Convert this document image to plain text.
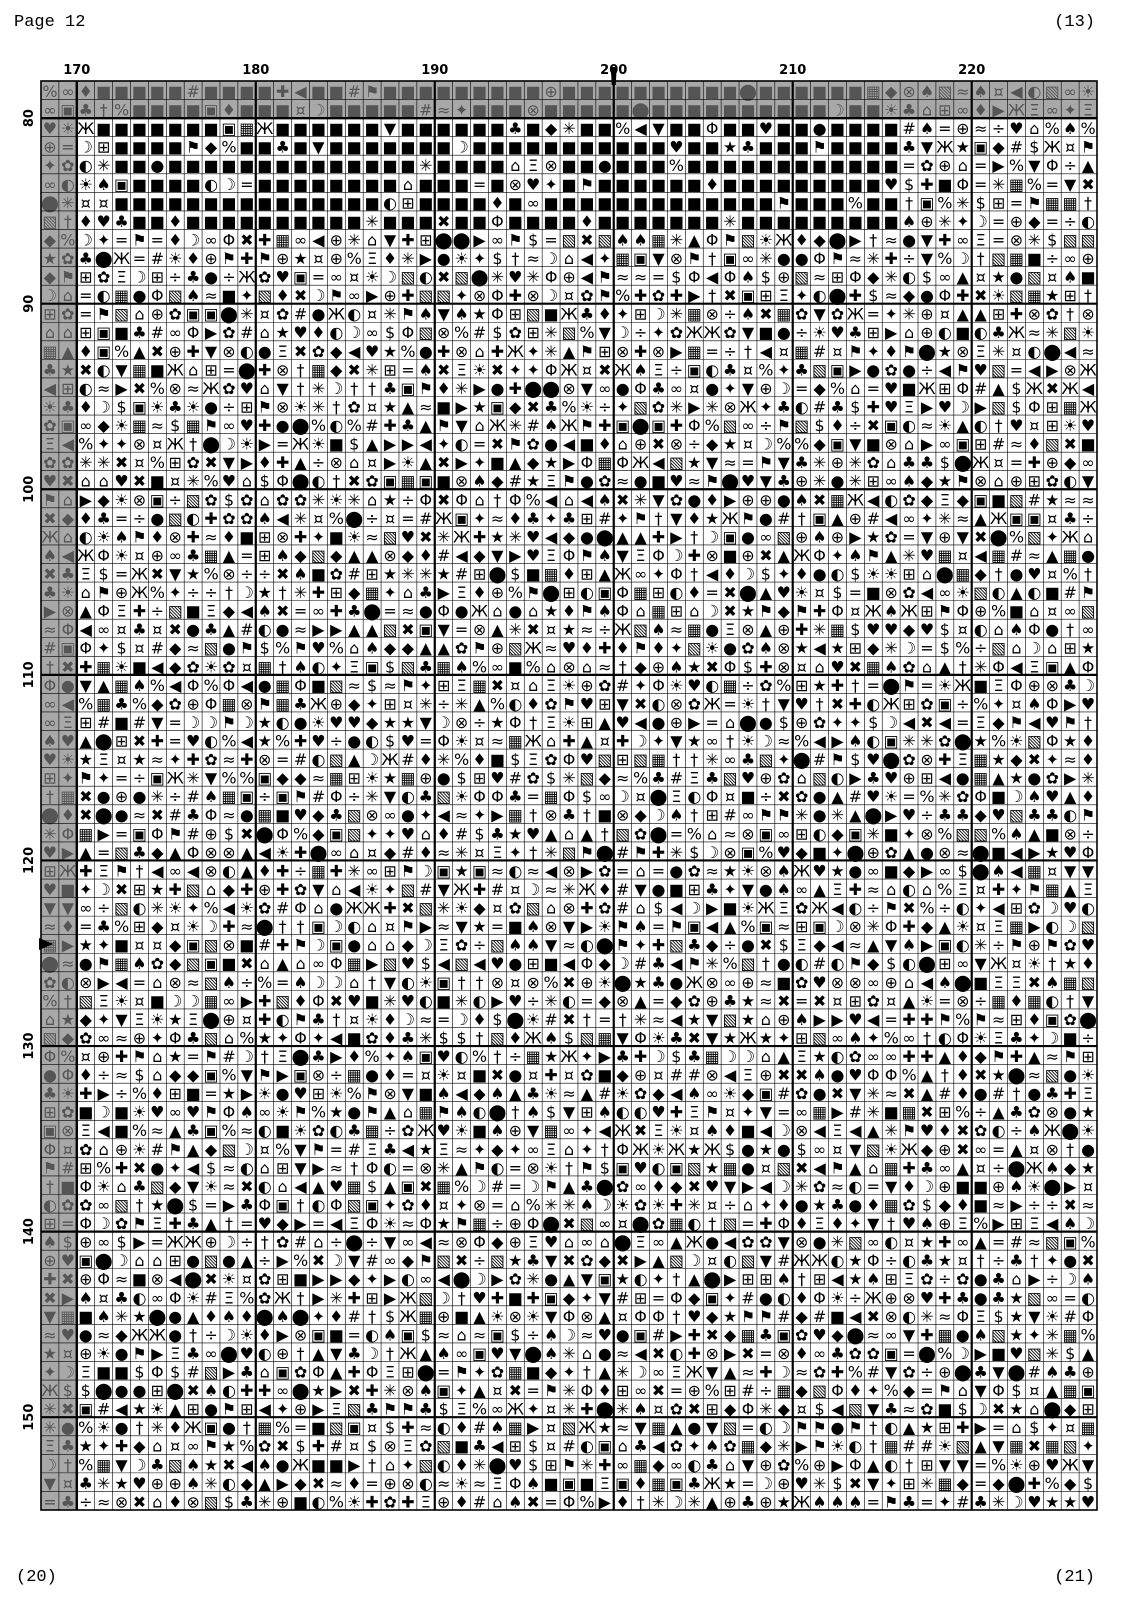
Page 12	(13)
(20)	(21)
% ∞ ♦ ■ ■ ■ ■ ■ # ■ ■ ■ ■ ✚ ◀ ■ ■ # ⚑ ■ ■ ■ ■ ■ ■ ■ ■ ■ ⊕ ■ ■ ■ ■ ■ ■ ■ ■ ■ ■ ⬤ ■ ■ ■ ■ ■ ■ ▦ ◆ ⊗ ♠ ▧ ≈ ♠ ¤ ◀ ◐ ▧ ∞ ☀
∞ ▣ ♣ † % ■ ■ ■ ■ ▣ ♦ ■ ■ ■ ¤ ☽ ■ ■ ■ ■ ■ # ≈ ✦ ■ ■ ■ ⊗ ■ ■ ■ ■ ■ ⬤ ■ ■ ■ ■ ■ ■ ■ ■ ■ ■ ☽ ■ ■ ☀ ♣ ⌂ ⊞ ∞ ♦ ▶ Ж Ξ ∞ ✦ Ξ
♥ ☀ Ж ■ ■ ■ ■ ■ ■ ■ ▣ ▦ Ж ■ ■ ■ ■ ■ ■ ▼ ■ ■ ■ ■ ■ ■ ♣ ■ ◆ ✳ ■ ■ % ◀ ▼ ■ ■ Φ ■ ■ ♥ ■ ■ ● ■ ■ ■ ■ # ♠ = ⊕ ≈ ÷ ♥ ⌂ % ♠ %
⊕ = ☽ ⊞ ■ ■ ■ ■ ⚑ ◆ % ■ ■ ♣ ■ ▼ ■ ■ ■ ■ ■ ■ ■ ☽ ■ ■ ■ ■ ■ ■ ■ ■ ■ ■ ■ ♥ ■ ■ ★ ♣ ■ ■ ■ ⚑ ■ ■ ■ ■ ♣ ▼ Ж ★ ▣ ◆ # $ Ж ¤ ⚑
✦ ✿ ◐ ✳ ■ ■ ● ■ ■ ■ ■ ■ ■ ■ ■ ■ ■ ■ ■ ■ ■ ✳ ■ ■ ■ ■ ⌂ Ξ ⊗ ■ ■ ● ■ ■ ■ % ■ ■ ■ ■ ■ ■ ■ ■ ■ ■ ■ ■ = ✿ ⊕ ⌂ = ▶ % ▼ Φ ÷ ▲
∞ ◐ ☀ ♠ ▣ ■ ■ ■ ■ ◐ ☽ = ■ ■ ■ ■ ■ ■ ■ ■ ⌂ ■ ■ ■ = ■ ⊗ ♥ ✦ ■ ⚑ ■ ■ ■ ■ ■ ■ ♦ ■ ■ ■ ■ ■ ■ ■ ■ ■ ♥ $ ✚ ■ Φ = ✳ ▦ % = ▼ ✖
⬤ ✳ ¤ ¤ ■ ■ ■ ■ ■ ■ ■ ■ ■ ■ ■ ■ ■ ■ ■ ◐ ⊞ ■ ■ ■ ■ ♦ ■ ∞ ■ ■ ■ ■ ■ ■ ■ ■ ■ ■ ■ ■ ■ ⚑ ■ ■ ■ % ■ ■ † ▣ % ✳ $ ⊞ = ⚑ ▦ ▦ †
▧ † ♦ ♥ ♣ ■ ■ ♦ ■ ■ ■ ■ ■ ■ ■ ■ ■ ■ ✳ ■ ■ ■ ✖ ■ ■ Φ ■ ■ ■ ■ ♦ ■ ■ ■ ■ ■ ■ ■ ✳ ■ ■ ■ ■ ■ ■ ■ ■ ■ ♠ ⊕ ✳ ✦ ☽ = ⊕ ◆ = ÷ ◐
◆ % ☽ ✦ = ⚑ = ♦ ☽ ∞ Φ ✖ ✚ ▦ ∞ ◀ ⊕ ✳ ⌂ ▼ ✚ ⊞ ⬤ ⬤ ▶ ∞ ⚑ $ = ▧ ✖ ▧ ♠ ♠ ▦ ✳ ▲ Φ ⚑ ▧ ☀ Ж ♦ ◆ ⬤ ▶ † ≈ ● ▼ ✚ ∞ Ξ = ⊗ ✳ $ ▧ ▧
★ ✿ ♣ ⬤ Ж = # ☀ ♦ ⊕ ⚑ ✚ ⚑ ⊕ ★ ¤ ⊕ % Ξ ♦ ✳ ▶ ● ☀ ✦ $ † ≈ ☽ ⌂ ◀ ✦ ▦ ▣ ▼ ⊗ ⚑ † ▣ ∞ ✳ ● ● Φ ⚑ ≈ ✳ ✚ ÷ ▼ % ☽ † ▧ ▦ ■ ÷ ∞ ⊕
◆ ⚑ ⊞ ✿ Ξ ☽ ⊞ ÷ ♣ ● ÷ Ж ✿ ♥ ▣ = ∞ ¤ ☀ ☽ ▧ ◐ ✖ ▧ ⬤ ✳ ♥ ✳ Φ ⊕ ◀ ⚑ ≈ ≈ = $ Φ ◀ Φ ♠ $ ⊕ ▧ ≈ ⊞ Φ ◆ ✳ ◐ $ ∞ ▲ ¤ ★ ● ▧ ¤ ♠ ■
☽ ⌂ = ◐ ▦ ● Φ ▧ ♠ ≈ ■ ✦ ▧ ♦ ✖ ☽ ⚑ ∞ ▶ ⊕ ✚ ▧ ▧ ✦ ⊗ Φ ✚ ⊗ ☽ ¤ ✿ ⚑ % ✚ ✿ ✚ ▶ † ✖ ▣ ⊞ Ξ ✦ ◐ ⬤ ✚ $ ≈ ◆ ● Φ ✚ ✖ ☀ ▧ ▦ ★ ⊞ †
⊞ ✿ = ⚑ ▧ ⌂ ⊕ ✿ ▣ ▣ ⬤ ✳ ¤ ✿ # ● Ж ◐ ¤ ✳ ⚑ ♠ ▼ ♠ ★ Φ ⊞ ▧ ■ Ж ♣ ♦ ✦ ⊞ ☽ ✳ ▦ ⊗ ÷ ♠ ✖ ▦ ✿ ▼ ✿ Ж = ✦ ✳ ⊕ ¤ ▲ ▲ ⊞ ✚ ⊗ ✿ † ⊗
⌂ ⌂ ⊞ ▣ ■ ♣ # ∞ Φ ▶ ✿ # ⌂ ★ ♥ ♦ ◐ ☽ ∞ $ Φ ▧ ⊗ % # $ ✿ ⊞ ✳ ▧ % ▼ ☽ ÷ ✦ ✿ Ж Ж ✿ ▼ ■ ● ÷ ☀ ♥ ♣ ⊞ ▶ ⌂ ⊕ ◐ ■ ◐ ♣ Ж ≈ ✳ ▧ ☀
▦ ▲ ♦ ▣ % ▲ ✖ ⊕ ✚ ▼ ⊗ ◐ ● Ξ ✖ ✿ ◆ ◀ ♥ ★ % ● ✚ ⊗ ⌂ ✚ Ж ✦ ✳ ▲ ⚑ ⊞ ⊗ ✚ ⊗ ▶ ▦ = ÷ † ◀ ¤ ▦ # ¤ ⚑ ✦ ♦ ⚑ ⬤ ★ ⊗ Ξ ✳ ¤ ◐ ⬤ ◀ ≈
♣ ★ ✖ ◐ ▼ ▦ ■ Ж ⌂ ⊞ = ⬤ ✚ ⊗ † ▦ ◆ ✖ ✳ ⊞ = ♠ ✖ Ξ ☀ ✖ ✦ ✦ Φ Ж ¤ ✖ Ж ♠ Ξ ÷ ▣ ◐ ♣ ¤ % ✦ ♣ ▧ ▣ ▶ ● ✿ ● ÷ ◀ ⚑ ♥ ▧ = ◀ ▶ ⊗ Ж
◀ ⊞ ◐ ≈ ▶ ✖ % ⊗ ≈ Ж ✿ ♥ ⌂ ▼ † ✳ ☽ † † ♣ ▣ ⚑ ♦ ✳ ▶ ● ✚ ⬤ ⬤ ⊗ ▼ ∞ ● Φ ♣ ∞ ¤ ● ✦ ▼ ⊕ ☽ = ◆ % ⌂ = ♥ ■ Ж ⊞ Φ # ▲ $ Ж ✖ Ж ◀
☀ ♣ ♦ ☽ $ ▣ ☀ ♣ ☀ ● ÷ ⊞ ⚑ ⊗ ☀ ✳ † ✿ ¤ ★ ▲ ≈ ■ ▶ ★ ▣ ◆ ✖ ♣ % ☀ ÷ ✦ ▧ ✿ ✳ ▶ ✳ ⊗ Ж ✦ ♣ ◐ # ♣ $ ✚ ♥ Ξ ▶ ♥ ☽ ▶ ▧ $ Φ ⊞ ▦ Ж
✿ ▣ ∞ ◆ ☀ ▦ ≈ $ ▦ ⚑ ∞ ♥ ✚ ● ⬤ % ◐ % # ✚ ♣ ▲ ⚑ ▼ ⌂ Ж ✳ # ♠ Ж ⚑ ✚ ▣ ⬤ ▣ ✚ Φ % ▧ ∞ ÷ ⚑ ▧ $ ♦ ÷ ✖ ▣ ◐ ≈ ☀ ▲ ◐ † ♥ ¤ ⊞ ☀ ♥
Ξ ◀ % ✦ ✦ ⊗ ¤ Ж † ⬤ ☽ ☀ ▶ = Ж ☀ ■ $ ▲ ▶ ▶ ◀ ✦ ◐ = ✖ ⚑ ✿ ● ◀ ■ ♦ ⌂ ⊕ ✖ ⊗ ÷ ◆ ★ ¤ ☽ % % ◆ ▣ ▼ ■ ⊗ ⌂ ▶ ∞ ▣ ⊞ # ≈ ♦ ▧ ✖ ■
✿ ✿ ✳ ✳ ✖ ¤ % ⊞ ✿ ✖ ▼ ▶ ♦ ✚ ▲ ÷ ⊗ ⌂ ¤ ▶ ☀ ▲ ✖ ▶ ✦ ■ ▲ ◆ ★ ▶ Φ ▦ Φ Ж ◀ ▧ ★ ▼ ≈ = ⚑ ▼ ♣ ✳ ⊕ ✳ ✿ ⌂ ♣ ♣ $ ⬤ Ж ¤ = ✚ ⊕ ◆ ∞
♥ ✖ ⌂ ⌂ ♥ ✖ ■ ¤ ✳ % ♥ ⌂ $ Φ ⬤ ◐ † ✖ ✿ ▣ ▦ ▣ ■ ⊗ ♠ ◆ # ★ Ξ ⚑ ● ✿ ≈ ● ■ ♥ ≈ ⚑ ⬤ ♥ ▼ ♣ ⊕ ✳ ● ✳ ⊞ ∞ ♠ ◆ ★ ⚑ ⊗ ⌂ ⊕ ⊞ ✿ ◐ ▼
⚑ ⌂ ▶ ◆ ☀ ⊗ ▣ ÷ ▧ ✿ $ ✿ ⌂ ✿ ✿ ✳ ☀ ✳ ⌂ ★ ÷ Φ ✖ Φ ⌂ † Φ % ◀ ⌂ ◀ ♠ ✖ ✳ ▼ ✿ ● ♦ ▶ ⊕ ⊕ ● ♠ ✖ ▦ Ж ◀ ◐ ✿ ◆ Ξ ◆ ▣ ■ ▧ # ★ ≈ ≈
✖ ◆ ♦ ♣ = ÷ ● ▧ ◐ ✚ ✿ ✿ ♠ ◀ ✳ ¤ % ⬤ ÷ ¤ = # Ж ▣ ✦ ≈ ♦ ♣ ✦ ♣ ⊞ # ✦ ⚑ † ▼ ♦ ★ Ж ⚑ ● # † ▣ ▲ ⊕ # ◀ ∞ ✦ ✳ ≈ ▲ Ж ▣ ▣ ¤ ♣ ÷
Ж ⌂ ◐ ☀ ♠ ⚑ ♦ ⊗ ✚ ≈ ♦ ■ ⊞ ⊗ ✚ ✦ ■ ☀ ≈ ▧ ♥ ✖ ✳ Ж ✚ ★ ✳ ♥ ◀ ◆ ● ⬤ ▲ ▲ ✚ ▶ † ☽ ▣ ● ∞ ▧ ⊕ ♠ ⊕ ▶ ★ ✿ = ▼ ⊕ ▼ ✖ ⬤ % ▧ ✦ Ж ⌂
♠ ◀ Ж Φ ☀ ¤ ⊕ ∞ ♣ ▦ ▲ = ⊞ ♠ ◆ ▧ ◆ ▲ ▲ ⊗ ◆ ♦ # ◀ ◆ ▼ ▶ ♥ Ξ Φ ⚑ ♠ ▼ Ξ Φ ☽ ✚ ⊗ ■ ⊕ ✖ ▲ Ж Φ ✦ ♠ ⚑ ▲ ✳ ♥ ▦ ¤ ◀ ▦ # ≈ ▲ ▦ ●
✖ ♣ Ξ $ = Ж ✖ ▼ ★ % ⊗ ÷ ÷ ✖ ♠ ■ ✿ # ⊞ ★ ✳ ✳ ★ # ⊞ ⬤ $ ■ ▦ ♦ ⊞ ▲ Ж ∞ ✦ Φ † ◀ ♦ ☽ $ ✦ ♦ ● ◐ $ ☀ ☀ ⊞ ⌂ ⬤ ▦ ◆ † ● ♥ ¤ % †
♣ ☀ ⌂ ⚑ ⊕ Ж % ✦ ÷ ÷ † ☽ ★ † ✳ ✚ ⊞ ◆ ▦ ✦ ⌂ ♣ ▶ Ξ ♦ ⊕ % ⚑ ⬤ ⊞ ◐ ▣ Φ ▦ ⊞ ◐ ♦ = ✖ ⬤ ▲ ♥ ☀ ¤ $ = ■ ⊗ ✿ ◀ ∞ ☀ ▧ ◐ ▲ ◐ ■ # ⚑
▶ ⊗ ▲ Φ Ξ ✚ ÷ ▧ ■ Ξ ◆ ◀ ♠ ✖ = ∞ ✚ ♣ ⬤ = ≈ ● Φ ● Ж ⌂ ● ⌂ ★ ♦ ⚑ ♠ Φ ⌂ ▦ ⊞ ⌂ ☽ ✖ ★ ⚑ ◆ ⚑ ✚ Φ ¤ Ж ♠ Ж ⊞ ⚑ Φ ⊕ % ■ ⌂ ¤ ∞ ▧
≈ Φ ◀ ∞ ¤ ♣ ¤ ✖ ● ♣ ▲ # ◐ ● ≈ ▶ ▶ ▲ ▲ ▧ ✖ ▣ ▼ = ⊗ ▲ ✳ ✖ ¤ ★ ≈ ÷ Ж ▧ ♠ ≈ ▦ ● Ξ ⊗ ▲ ⊕ ✚ ✳ ▦ $ ♥ ♥ ◆ ♥ $ ¤ ◐ ⌂ ♠ Φ ● † ∞
# ▣ Φ ✦ $ ¤ # ◆ ≈ ▧ ● ⚑ $ % ⚑ ♥ % ⌂ ♠ ◆ ◆ ▲ ▲ ✿ ⚑ ⊕ ▧ Ж ≈ ♥ ♦ ✚ ♦ ⚑ ♦ ✦ ▧ ☀ ● ✿ ♠ ⊗ ★ ◀ ★ ⊞ ◆ ✳ ☽ = $ % ÷ ▧ ⌂ ☽ ⌂ ⊞ ★
† ✖ ✚ ▦ ☀ ■ ◀ ◆ ✿ ☀ ✿ ¤ ▦ † ♠ ◐ ✦ Ξ ▣ $ ▧ ♣ ▦ ♠ % ∞ ■ % ⌂ ⊗ ⌂ ≈ † ◆ ⊕ ♠ ★ ✖ Φ $ ✚ ⊗ ¤ ⌂ ♥ ✖ ▦ ♠ ✿ ⌂ ▲ † ✳ Φ ◀ Ξ ▣ ▲ Φ
Φ ● ▼ ▲ ▦ ♠ % ◀ Φ % Φ ◀ ● ▦ Φ ■ ▧ ≈ $ ≈ ⚑ ✦ ⊞ Ξ ▦ ✖ ¤ ⌂ Ξ ☀ ⊕ ✿ # ✦ Φ ☀ ♥ ◐ ▦ ÷ ✿ % ⊞ ★ ✚ † = ⬤ ⚑ = ☀ Ж ■ Ξ Φ ⊕ ⊗ ♣ ☽
∞ ◀ % ▦ ♣ % ◆ ✿ ⊕ Φ ▦ ⊗ ⚑ ▦ ♣ Ж ⊕ ◆ ✦ ⊞ ¤ ✳ ÷ ✳ ▲ % ◐ ♦ ✿ ⚑ ♥ ⊞ ▼ ✖ ◐ ⊗ ✿ Ж = ☀ † ▼ ♥ † ✖ ✚ ◐ Ж ⊞ ✿ ▣ ÷ % ✦ ¤ ♠ Φ ▶ ♥
∞ Ξ ⊞ # ■ # ▼ = ☽ ☽ ⚑ ☽ ★ ◐ ● ☀ ♥ ♥ ◆ ★ ★ ▼ ☽ ⊗ ÷ ★ Φ † Ξ ☀ ⊞ ▲ ♥ ◀ ● ⊕ ▶ = ⌂ ⬤ ● $ ⊕ ✿ ✦ ✦ $ ☽ ◀ ✖ ◀ = Ξ ◆ ⚑ ◀ ♥ ⚑ †
♠ ♥ ▲ ⬤ ⊞ ✖ ✚ = ♥ ◐ % ◀ ★ % ✚ ♥ ÷ ● ◐ $ ♥ = Φ ☀ ¤ ≈ ▦ Ж ⌂ ✚ ▲ ¤ ✚ ☽ ✦ ▼ ★ ∞ † ☀ ☽ ≈ % ◀ ▶ ♠ ◐ ▣ ✳ ✳ ✿ ⬤ ★ % ☀ ▧ Φ ★ ♦
♥ ☀ ★ Ξ ¤ ★ ≈ ✦ ✚ ✿ ≈ ✚ ⊗ = # ◐ ▧ ▲ ☽ Ж # ♦ ✳ % ♦ ■ $ Ξ ✿ Φ ♥ ▧ ⊞ ▧ ▦ † † ✳ ∞ ♣ ▧ ✦ ⬤ # ⚑ $ ♥ ⬤ ✿ ⊗ ✚ Ξ ▦ ★ ◆ ✖ ✦ ≈ ♦
⊞ ✦ ⚑ ✦ = ÷ ▣ Ж ✳ ▼ % % ▣ ◆ ◆ ≈ ▦ ⊞ ☀ ★ ▦ ⊕ ● $ ⊞ ♥ # ✿ $ ✳ ▧ ◆ ≈ % ♣ # Ξ ♣ ▧ ♥ ⊕ ✿ ⌂ ▧ ◐ ▶ ♣ ♥ ⊕ ⊞ ◀ ● ▦ ▲ ★ ● ✿ ▶ ✳
† ▦ ✖ ● ⊕ ● ✳ ÷ # ♠ ▦ ▣ ÷ ▣ ⚑ # Φ ÷ ✳ ▼ ◐ ♣ ▧ ☀ Φ Φ ♣ = ▦ Φ $ ∞ ☽ ¤ ⬤ Ξ ◐ Φ ¤ ■ ÷ ✖ ✿ ● ▲ # ♥ ☀ = % ✳ ✿ Φ ■ ☽ ♠ ♥ ▲ ♦
⬤ ♦ ✖ ⬤ ● ≈ ✖ # ♣ Φ ≈ ● ▦ ■ ♥ ◆ ♣ ▧ ⊗ ∞ ● ✦ ◀ ≈ ✦ ▶ ▦ † ⊗ ♣ † ■ ⊗ ◆ ☽ ♠ † ⊞ # ∞ ⚑ ⚑ ✳ ● ✳ ▲ ⬤ ▶ ♥ ÷ ♣ ♣ ◆ ♥ ▧ ♣ ♣ ◐ ⚑
✳ Φ ▦ ▶ = ▣ Φ ⚑ # ⊕ $ ✖ ⬤ Φ % ◆ ▣ ▧ ✦ ✦ ♥ ⌂ ♦ # $ ♣ ★ ♥ ▲ ⌂ ▲ † ▧ ✿ ⬤ = % ⌂ ≈ ⊗ ▣ ∞ ⊞ ◐ ◆ ▣ ✳ ■ ✦ ⊗ % ▧ ▧ % ♠ ▲ ■ ⊗ ÷
♥ ▶ ▲ = ▧ ♣ ◆ ▲ Φ ⊗ ⊗ ▲ ◀ ☀ ✚ ⬤ ∞ ⌂ ¤ ◆ # ♦ ≈ ✳ ¤ Ξ ✦ † ✳ ▧ ⚑ ⬤ # ⚑ ✚ ✳ $ ☽ ⊗ ▣ % ♥ ◆ ■ ✦ ⬤ ⊕ ✿ ▲ ● ⊗ ≈ ⬤ ■ ◀ ▶ ★ ♥ Φ
⊞ Ж ✚ Ξ ⚑ † ◀ ∞ ◀ ⊗ ◐ ▲ ♦ ✚ ÷ ▦ ✚ ✳ ∞ ⊞ ⚑ ☽ ▣ ★ ▣ ≈ ◐ ≈ ◀ ⊗ ▶ ✿ = ⌂ = ● ✿ ≈ ★ ☀ ⊗ ♠ Ж ♥ ★ ● ∞ ■ ◆ ▶ ∞ $ ⬤ ♠ ◀ ▦ ¤ ▼ ▼
♥ ■ ✦ ☽ ✖ ⊞ ★ ✚ ▧ ⌂ ◆ ✚ ⊕ ✚ ✿ ▼ ⌂ ◀ ☀ ✦ ▧ # ▼ Ж ✚ # ¤ ☽ ≈ ✳ Ж ♦ # ▼ ● ■ ⊞ ♣ ✦ ▼ ● ♠ ∞ ▲ Ξ ✚ ≈ ⌂ ◐ ⌂ % Ξ ¤ ✚ ✦ ⚑ ▦ ▲ Ξ
▼ ▼ ∞ ÷ ▧ ◐ ✳ ☀ ✦ % ◀ ☀ ✿ # Φ ⌂ ● Ж Ж ✚ ✖ ▧ ✳ ☀ ◆ ¤ ✿ ▧ ⌂ ⊗ ✚ ✿ # ⌂ $ ◀ ☽ ▶ ■ ☀ Ж Ξ ✿ Ж ◀ ◐ ÷ ⚑ ✖ % ÷ ◐ ✦ ◀ ⊞ ✿ ☽ ♥ ◐
≈ ♦ = ♣ % ⊞ ◆ ¤ ☀ ☽ ✚ ≈ ⬤ † † ▣ ☽ ◐ ⌂ ¤ ⚑ ▶ ≈ ▼ ★ = ■ ♠ ⊗ ▼ ▶ ☀ ⚑ ♠ = ⚑ ▣ ◀ ▲ % ▣ ≈ ⊞ ▣ ☽ ⊗ ✳ Φ ✚ ◆ ▲ ☀ ¤ Ξ ▦ ▶ ◐ ☽ ▧
▶ ★ ✦ ■ ¤ ¤ ◆ ▣ ▧ ⊗ ■ # ✚ ⚑ ☽ ▣ ● ⌂ ⌂ ◆ ☽ Ξ ✿ ÷ ▧ ♠ ♠ ▼ ≈ ◐ ⬤ ⚑ ✦ ✚ ▧ ♣ ◆ ÷ ● ✖ $ Ξ ◆ ◀ ≈ ▲ ▼ ♠ ▶ ▣ ◐ ✳ ÷ ⚑ ⊕ ⚑ ✿ ♥
⬤ ≈ ● ⚑ ▦ ♠ ✿ ◆ ▧ ▣ ■ ✖ ⌂ ▲ ⌂ ∞ Φ ▦ ▶ ▧ ♥ $ ◀ ▧ ◀ ♥ ● ⊞ ■ ◀ Φ ◆ ☽ # ♣ ◀ ⚑ ✳ % ▧ † ● ◐ # ◐ ⚑ ◆ $ ◐ ⬤ ⊞ ∞ ▼ Ж ¤ ☀ † ★ ♦
✿ ◐ ⊗ ▶ ◀ = ⌂ ⊗ ≈ ▧ ♠ ÷ % = ♠ ☽ ☽ ⌂ † ▼ ◐ ☀ ▣ † † ⊗ ¤ ⊗ % ✖ ⊕ ☀ ⬤ ★ ♣ ● Ж ⊗ ∞ ⊕ ≈ ■ ✿ ♥ ⊗ ⊗ ∞ ⊕ ⌂ ◀ ♠ ⬤ ■ Ξ Ξ ✖ ♠ ▦ ▧
% † ▧ Ξ ☀ ¤ ■ ☽ ☽ ▦ ∞ ▶ ✚ ▧ ♦ Φ ✖ ♥ ■ ✳ ♥ ◐ ■ ✳ ◐ ▶ ♥ ÷ ✳ ◐ = ◆ ⊗ ▲ = ◆ ✿ ⊕ ♣ ★ ≈ ✖ = ✖ ¤ ⊞ ✿ ¤ ▲ ☀ = ⊗ ÷ ▦ ♦ ▦ ◐ † ▼
⌂ ★ ◆ ✦ ▼ Ξ ☀ ★ Ξ ⬤ ⊕ ¤ ✚ ◐ ⚑ ♣ † ¤ ☀ ♦ ☽ ≈ = ☽ ♦ $ ⬤ ☀ # ✖ † = † ✳ ≈ ◀ ★ ▼ ▧ ★ ⌂ ⊕ ♠ ▶ ▶ ♥ ◀ = ✚ ✚ ⚑ % ⚑ ≈ ⊞ ♦ ▣ ✿ ⬤
▧ ◆ ✿ ∞ ≈ ⊕ ✦ Φ ♣ ▧ ⌂ % ★ ✦ Φ ✦ ◀ ■ ✿ ♦ ♣ ✳ $ $ † ▧ ♦ Ж ♠ $ ▧ ▦ ▼ Φ ☀ ♣ ✖ ▼ ★ Ж ★ ✦ ⊞ ▧ ∞ ♠ ✦ % ∞ † ◐ Φ ☀ Ξ ♣ ✦ ☽ ■ ÷
Φ % ¤ ⊕ ✚ ⚑ ⌂ ★ = ⚑ # ☽ † Ξ ⬤ ♣ ▶ ♦ % ✦ ♠ ▣ ♥ ◐ % † ÷ ▦ ★ Ж ✦ ▶ ♣ ✚ ☽ $ ♣ ▦ ☽ ☽ ⌂ ▲ Ξ ★ ◐ ✿ ∞ ∞ ✚ ✚ ▲ ♦ ◆ ⚑ ✚ ▲ ≈ ⚑ ⊞
● Φ ♦ ÷ ≈ $ ⌂ ◆ ◆ ▣ % ▼ ⚑ ▶ ▣ ⊗ ÷ ▦ ● ♦ = ¤ ☀ ¤ ■ ✖ ● ¤ ✚ ¤ ✿ ■ ◆ ⊕ ¤ # # ⊗ ◀ Ξ ⊕ ✖ ✖ ♠ ● ♥ Φ Φ % ▲ † ♦ ✖ ★ ⬤ ≈ ▧ ● ☀
♣ ☀ ✚ ▶ ÷ % ♦ ⊞ ■ = ★ ▶ ☀ ● ♥ ⊞ ☀ % ⚑ ⊗ ▼ ■ ♠ ◀ ◆ ♠ ▲ ♣ ☀ ≈ ▲ # ☀ ✿ ◆ ◀ ♠ ∞ ☀ ◆ ▣ # ✿ ● ✖ ▼ ✳ ≈ ✖ ▲ # ♦ ● # † ● ♣ ✚ Ξ
⊞ ✿ ■ ☽ ■ ☀ ♥ ∞ ♥ ⚑ Φ ♠ ∞ ☀ ⚑ % ★ ● ⚑ ▲ ⌂ ▦ ⚑ ♠ ◐ ⬤ † ♠ $ ▼ ⊞ ♠ ◐ ◐ ♥ ✚ Ξ ⚑ ¤ ✦ ▼ = ∞ ▦ ▶ # ✳ ■ ▦ ✖ ⊞ % ÷ ▲ ♣ ✿ ⊗ ● ★
▣ ⊗ Ξ ◀ ■ % ≈ ▲ ♣ ▣ % ≈ ◐ ■ ☀ ✿ ◐ ♣ ▦ ÷ ✿ Ж ♥ ☀ ■ ♠ ⊕ ▼ ▦ ∞ ✦ ◀ Ж ✖ Ξ ☀ ¤ ♠ ♦ ■ ◀ ☽ ⊗ ◀ Ξ ◀ ▲ ✳ ⚑ ♥ ♦ ✖ ✿ ◐ ÷ ♠ Ж ⬤ ☀
Φ ¤ ✿ ⌂ ⊕ ☀ # ⚑ ▲ ◆ ▧ ☽ ¤ % ▼ ⚑ = # Ξ ♣ ◀ ★ Ξ ≈ ✦ ◆ ✦ ∞ Ξ ⌂ ✦ † Φ Ж ☀ Ж ★ Ж $ ● ★ ● $ ∞ ¤ ▼ ▧ ☀ Ж ◆ ⊕ ✖ ∞ = ▲ ¤ ⊗ † ●
⚑ # ⊞ % ✚ ✖ ● ✦ ◀ $ ≈ ◐ ⌂ ⊞ ▼ ▶ ≈ † Φ ◐ = ⊗ ✳ ▲ ⚑ ◐ = ⊗ ☀ † ⚑ $ ▣ ♥ ◐ ▣ ▧ ★ ▦ ● ¤ ▧ ✖ ◀ ⚑ ▲ ⌂ ▦ ✚ ♣ ∞ ▲ ¤ ÷ ⬤ Ж ♠ ◆ ★
† ■ Φ ☀ ⌂ ♣ ▧ ◆ ▼ ☀ ≈ ✖ ◐ ⌂ ◀ ▲ ♥ ▦ $ ▲ ▣ ✖ ▦ % ☽ # = ☽ ⚑ ▲ ♣ ⬤ ✿ ∞ ♦ ◆ ✖ ♥ ▼ ▶ ◀ ☽ ✳ ✿ ≈ ◐ = ▼ ♦ ☽ ⊕ ■ ■ ⊕ ♠ ☀ ⬤ ▶ ¤
◐ ✿ ✿ ∞ ▧ † ★ ⬤ $ = ▶ ♣ Φ ▣ † ◐ Φ ▧ ▣ ✦ ✿ ♦ ¤ ✦ ⊗ = ⌂ % ✳ ✳ ♠ ☽ ☀ ✿ ☀ ✚ ✳ ¤ ÷ ⌂ ✦ ♦ ● ★ ♣ ● ♦ ▦ ✿ $ ◆ ♦ ■ ≈ ▶ ÷ ÷ ✖ ≈
⊞ = Φ ☽ ✿ ⚑ Ξ ✚ ♣ ▲ † = ♥ ◆ ▶ = ◀ Ξ Φ ☀ ≈ Φ ★ ⚑ ▦ ÷ ⊕ Φ ⬤ ✖ ▧ ∞ ¤ ⬤ ✿ ▦ ◐ † ▧ = ✚ Φ ♦ Ξ ♦ ✦ ▼ † ♥ ♠ ⊕ Ξ % ▶ ⊞ Ξ ◀ ♠ ☽
♠ $ ⊕ ∞ $ ▶ = Ж Ж ⊕ ☽ ÷ † ✿ # ⌂ ÷ ⬤ ÷ ▼ ∞ ◀ ≈ ⊗ Φ ◆ ⊕ Ξ ♥ ⌂ ∞ ⌂ ⬤ Ξ ∞ ▲ Ж ● ◀ ✿ ✿ ▼ ⊗ ● ✳ ▧ ∞ ◐ ¤ ★ ✚ ∞ ▲ = # ≈ ▧ ▣ %
⊕ ♥ ▣ ⬤ ☽ ⌂ ⌂ ⊞ ● ▧ ● ▲ ÷ ▶ % ✖ ☽ ▼ # ∞ ◆ ⚑ ▧ ✖ ÷ ▧ ★ ♣ ▼ ✖ ✿ ◆ ✖ ▶ ▲ ▧ ☽ ¤ ◐ ▧ ▼ # Ж Ж ◐ ★ Φ ÷ ◐ ♣ ★ ¤ † ÷ ♣ † ✦ ● ✖
✚ ✖ ⊕ Φ ≈ ■ ⊗ ◀ ⬤ ✖ ☀ ¤ ✿ ⊞ ■ ▶ ▶ ◆ ✦ ▶ ◐ ∞ ◀ ⬤ ☽ ▶ ✿ ✳ ● ▲ ▼ ▣ ★ ◐ ✦ † ▲ ⬤ ▶ ⊞ ⊞ ♠ † ⊞ ◀ ★ ♠ ⊞ Ξ ✿ ÷ ✿ ● ♣ ⌂ ▶ ÷ ☽ ♠
✖ ▶ ♠ ¤ ♣ ◐ ∞ Φ ☀ # Ξ % ✿ Ж † ▶ ✳ ✚ ⊞ ▶ Ж ▧ ☽ † ♥ ✚ ■ ✚ ▣ ◆ ✦ ▼ # ⊞ = Φ ◆ ▣ ✦ # ● ◐ ♦ Φ ☀ ÷ Ж ⊕ ⊗ ♥ ✚ ♣ ● ♣ ★ ▧ ∞ = ◐
▼ ▦ ■ ♠ ✳ ★ ⬤ ● ▲ ♦ ♠ ♦ ⬤ ♠ ⬤ ✦ ♦ # † $ Ж ▦ ⊕ ■ ▲ ☀ ⊗ ☀ ▼ Φ ⊗ ▲ ¤ Φ Φ † ♥ ◆ ★ ⚑ ⚑ # ◆ # ■ ◀ ✖ ⊗ ◐ ✳ ≈ Φ Ξ $ ★ ▼ ☀ # Φ
≈ ♥ ● ≈ ◆ Ж Ж ● † ÷ ☽ ☀ ♦ ▶ ⊗ ▣ ■ = ◐ ♠ ▣ $ ≈ ⌂ ≈ ▣ $ ÷ ♠ ☽ ≈ ♥ ● ▣ # ▶ ✚ ✖ ◆ ▦ ♣ ▣ ✿ ♥ ◆ ⬤ ≈ ∞ ▼ ✚ ▦ ● ♠ ▧ ★ ✦ ✳ ▦ %
★ ¤ ⊕ ☀ ● ⚑ ▶ Ξ ♣ ∞ ⬤ ♥ ◐ ⊕ † ▲ ▼ ♣ ☽ † Ж ▲ ♠ ∞ ▣ ♥ ▼ ⬤ ♠ ✳ ⌂ ● ≈ ◀ ✖ ◐ ✚ ⊗ ▶ ✖ = ⊗ ♦ ∞ ♣ ✿ ✿ ▣ = ⬤ % ☽ ▶ ■ ♥ ▧ ✳ $ ▲
✦ ☽ Ξ ■ ■ $ Φ $ # ▧ ▶ ♣ ⌂ ▣ ✿ Φ ▲ ✚ Φ Ξ ⊞ ⬤ = ⚑ ✦ ✿ ▦ ■ ◆ ✦ † ▲ ✳ ☽ ∞ Ξ Ж ▼ ▲ ≈ ✚ ☽ ≈ ✿ ✚ % # ▼ ✿ ÷ ⊕ ⬤ ♣ ▼ ⬤ # ♠ ♣ ⊕
Ж $ $ ⬤ ● ● ⊞ ⬤ ✖ ♠ ◐ ✚ ✚ ∞ ⬤ ★ ▶ ✖ ✚ ✳ ⊗ ♠ ▣ ✦ ▲ ¤ ✖ = ⚑ ✳ Φ ♦ ⊞ ∞ ✖ = ⊕ % ⊞ # ÷ ▦ ◆ ▧ Φ ♦ ✦ % ◆ = ⚑ ⌂ ▼ Φ $ ¤ ▲ ▦ ▣
✳ ✖ ▣ # ◀ ★ ☀ ▲ ⊞ ● ⚑ ⊞ ◀ ✦ ⊕ ▶ Ξ ▧ ♣ ⚑ ⚑ ♣ $ Ξ % ∞ Ж ✦ ¤ ✳ ✚ ⬤ ✳ ♠ ¤ ✿ ✖ ⊞ ◆ Φ ✳ ◆ ¤ $ ◀ ▧ ▼ ♣ ≈ ✿ ■ $ ☽ ✖ ★ ⌂ ⬤ ◆ ⊞
✳ ● % ☀ ● † ✳ ♦ Ж ▣ ● † ▦ % = ■ ▧ ▣ ¤ $ ✚ ≈ ◐ ♦ # ♠ ▦ ▶ ¤ ▧ Ж ★ ≈ ▼ ▦ ▲ ● ▼ ▧ = ◐ ☽ ⚑ ⚑ ● ⚑ † ◐ ▲ ★ ⊞ ✚ ▶ = ⌂ $ ✦ ¤ ▦
Ξ ♣ ★ ✦ ✚ ◆ ⌂ ¤ ∞ ⚑ ★ % ✿ ✖ $ ✚ # ¤ $ ⊗ Ξ ✿ ▧ ■ ♣ ◀ ⊞ $ ¤ # ◐ ▣ ⌂ ♣ ◀ ✿ ✦ ♠ ✿ ▦ ◆ ✳ ▶ ⚑ ☀ ◐ † ▦ # # ☀ ▧ ▲ ▼ ▦ ✖ ▦ ▧ ✦
☽ † % ▦ ▼ ☽ ♣ ▧ ♠ ★ ✖ ◀ ♠ ● Ж ■ ■ ▶ † ⌂ ✦ ▧ ◐ ♦ ✳ ⬤ ♥ $ ⊞ ⚑ ✳ ✚ ∞ ▦ ◆ ∞ ◐ ♣ ⌂ ▼ ⊕ ✿ % ⊕ ▶ Φ ▲ ◐ † ⊞ ▼ ▼ = % ☀ ⊕ ♥ Ж ▼
▼ ¤ ♣ ✳ ★ ♥ ⊕ ⊕ ♠ ✳ ◐ ◆ ▲ ▶ ◆ ✖ ≈ ♦ = ⊕ ⊗ ◐ ≈ ☀ ≈ Ξ Φ ♠ ■ ▣ ■ Ξ ▣ ♦ ▦ ▣ ♣ Ж ★ = ☽ ⊕ ♥ ✳ $ ✖ ▼ ✦ ⊞ ✳ ▦ ◆ = ◆ ⬤ ✚ % ◆ $
= ♣ ÷ ≈ ⊗ ✖ ⌂ ♦ ⊗ ▧ $ ♣ ✳ ⊕ ■ ◐ % ☀ ✚ ✿ ✚ Ξ ⊕ ♦ # ⌂ ♠ ✖ = Φ % ▶ ♦ † ✳ ☽ ✳ ▲ ⊕ ♣ ⊕ ★ Ж ♠ ♠ ♠ = ⚑ ♣ = ✦ # ♣ ✳ ☽ ♥ ★ ★ ♥
170	180	190	210	220
80
90
100
110
120
130
140
150
